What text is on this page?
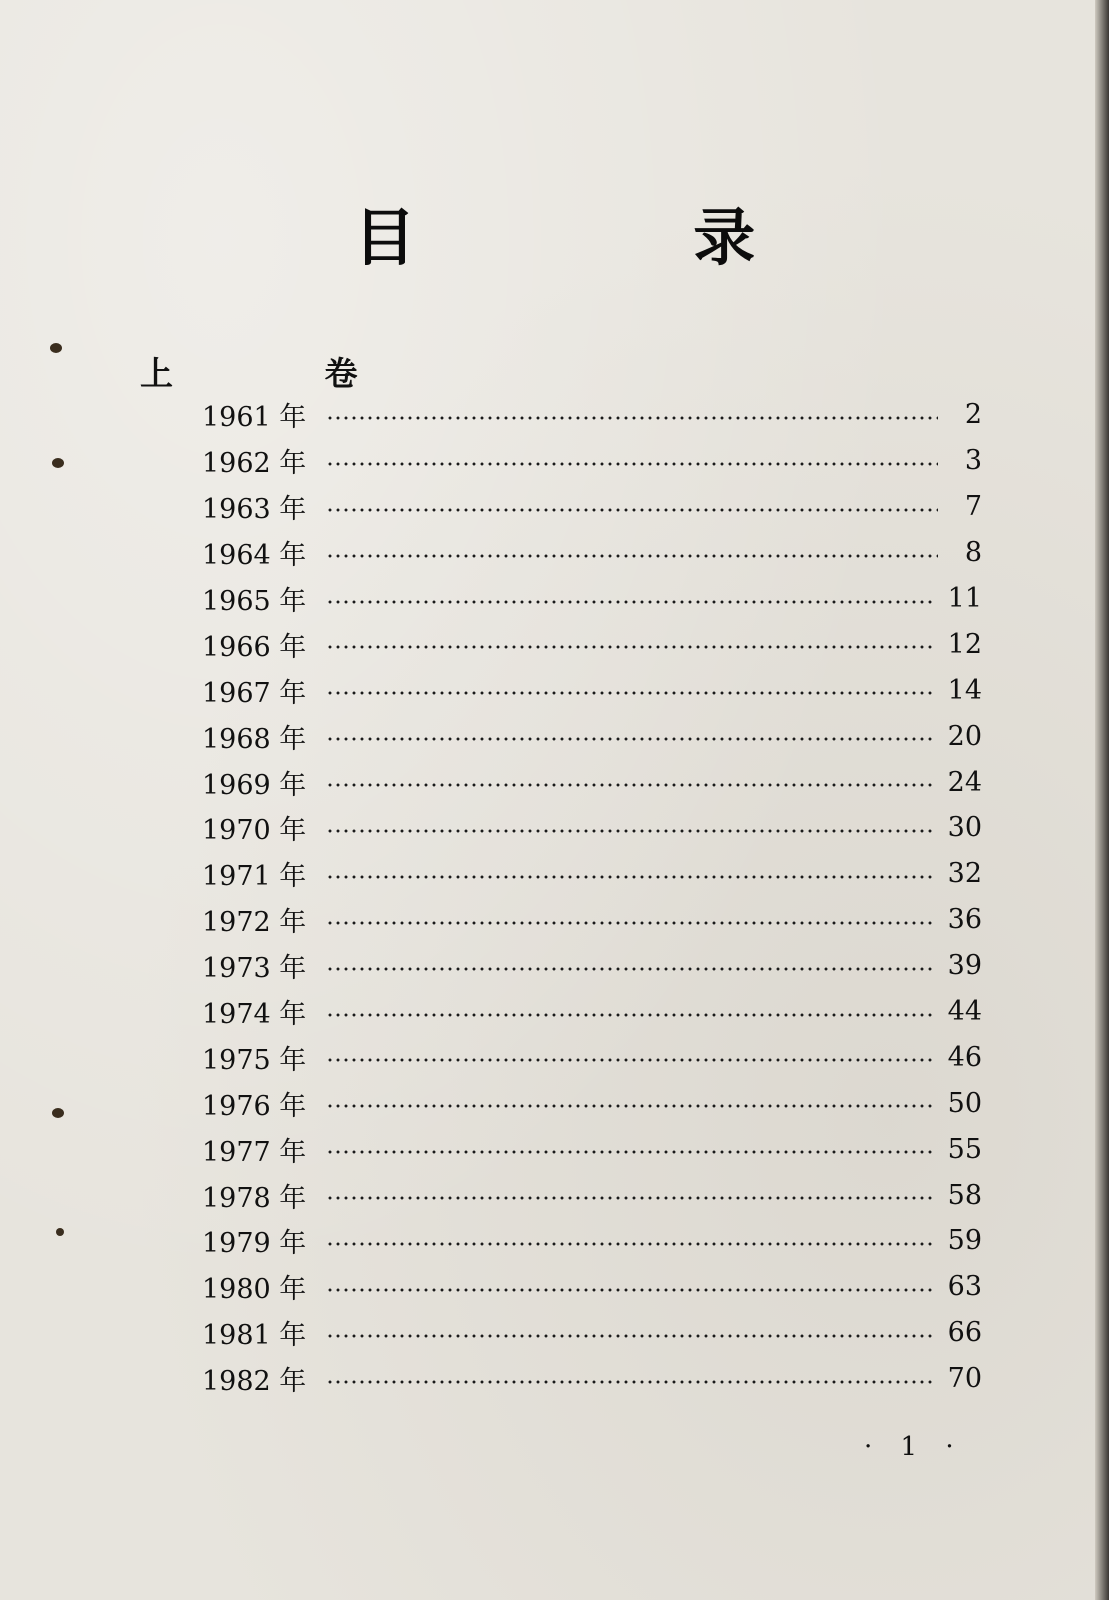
目 录
上 卷
1961 年	2
1962 年	3
1963 年	7
1964 年	8
1965 年	11
1966 年	12
1967 年	14
1968 年	20
1969 年	24
1970 年	30
1971 年	32
1972 年	36
1973 年	39
1974 年	44
1975 年	46
1976 年	50
1977 年	55
1978 年	58
1979 年	59
1980 年	63
1981 年	66
1982 年	70
· 1 ·
